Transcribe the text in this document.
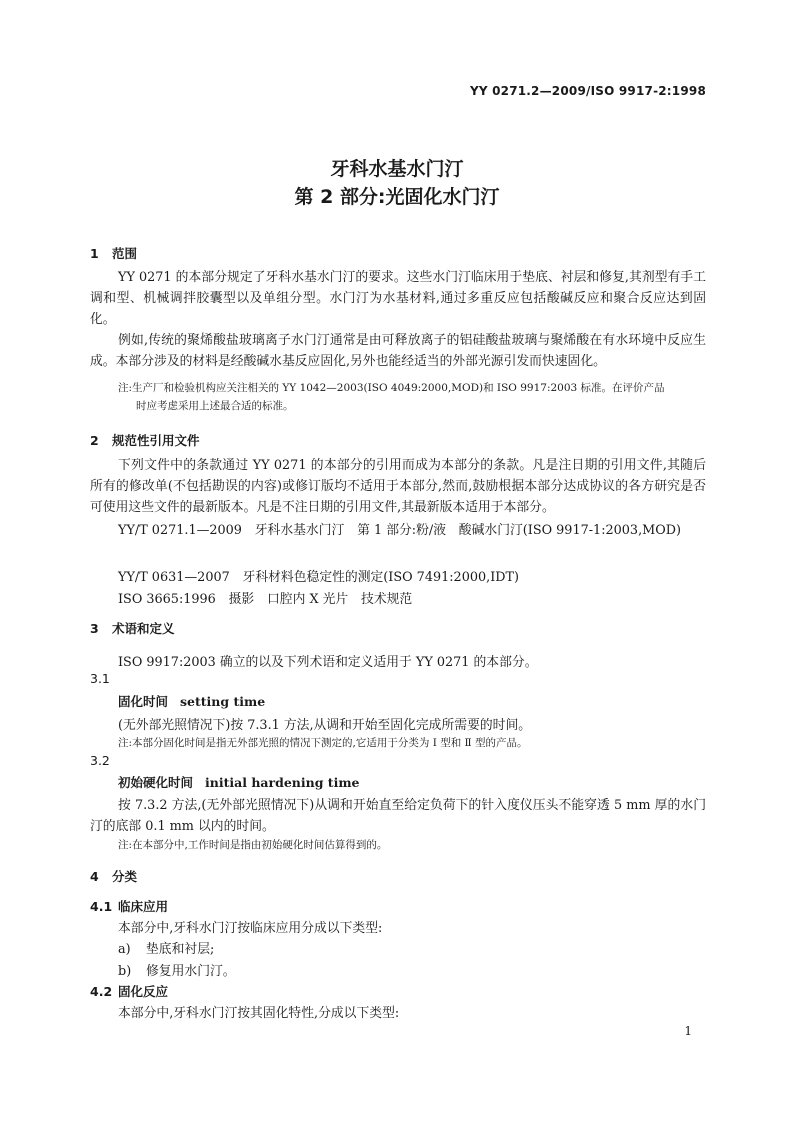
YY 0271.2—2009/ISO 9917-2:1998
牙科水基水门汀
第 2 部分:光固化水门汀
1 范围

YY 0271 的本部分规定了牙科水基水门汀的要求。这些水门汀临床用于垫底、衬层和修复,其剂型有手工调和型、机械调拌胶囊型以及单组分型。水门汀为水基材料,通过多重反应包括酸碱反应和聚合反应达到固化。

例如,传统的聚烯酸盐玻璃离子水门汀通常是由可释放离子的铝硅酸盐玻璃与聚烯酸在有水环境中反应生成。本部分涉及的材料是经酸碱水基反应固化,另外也能经适当的外部光源引发而快速固化。

注:生产厂和检验机构应关注相关的 YY 1042—2003(ISO 4049:2000,MOD)和 ISO 9917:2003 标准。在评价产品
时应考虑采用上述最合适的标准。
2 规范性引用文件

下列文件中的条款通过 YY 0271 的本部分的引用而成为本部分的条款。凡是注日期的引用文件,其随后所有的修改单(不包括勘误的内容)或修订版均不适用于本部分,然而,鼓励根据本部分达成协议的各方研究是否可使用这些文件的最新版本。凡是不注日期的引用文件,其最新版本适用于本部分。

YY/T 0271.1—2009　牙科水基水门汀　第 1 部分:粉/液　酸碱水门汀(ISO 9917-1:2003,MOD)

YY/T 0631—2007　牙科材料色稳定性的测定(ISO 7491:2000,IDT)
ISO 3665:1996　摄影　口腔内 X 光片　技术规范
3 术语和定义
ISO 9917:2003 确立的以及下列术语和定义适用于 YY 0271 的本部分。
3.1
固化时间 setting time
(无外部光照情况下)按 7.3.1 方法,从调和开始至固化完成所需要的时间。
注:本部分固化时间是指无外部光照的情况下测定的,它适用于分类为 Ⅰ 型和 Ⅱ 型的产品。
3.2
初始硬化时间 initial hardening time

按 7.3.2 方法,(无外部光照情况下)从调和开始直至给定负荷下的针入度仪压头不能穿透 5 mm 厚的水门汀的底部 0.1 mm 以内的时间。

注:在本部分中,工作时间是指由初始硬化时间估算得到的。
4 分类
4.1 临床应用
本部分中,牙科水门汀按临床应用分成以下类型:
a) 垫底和衬层;
b) 修复用水门汀。
4.2 固化反应
本部分中,牙科水门汀按其固化特性,分成以下类型:
1
